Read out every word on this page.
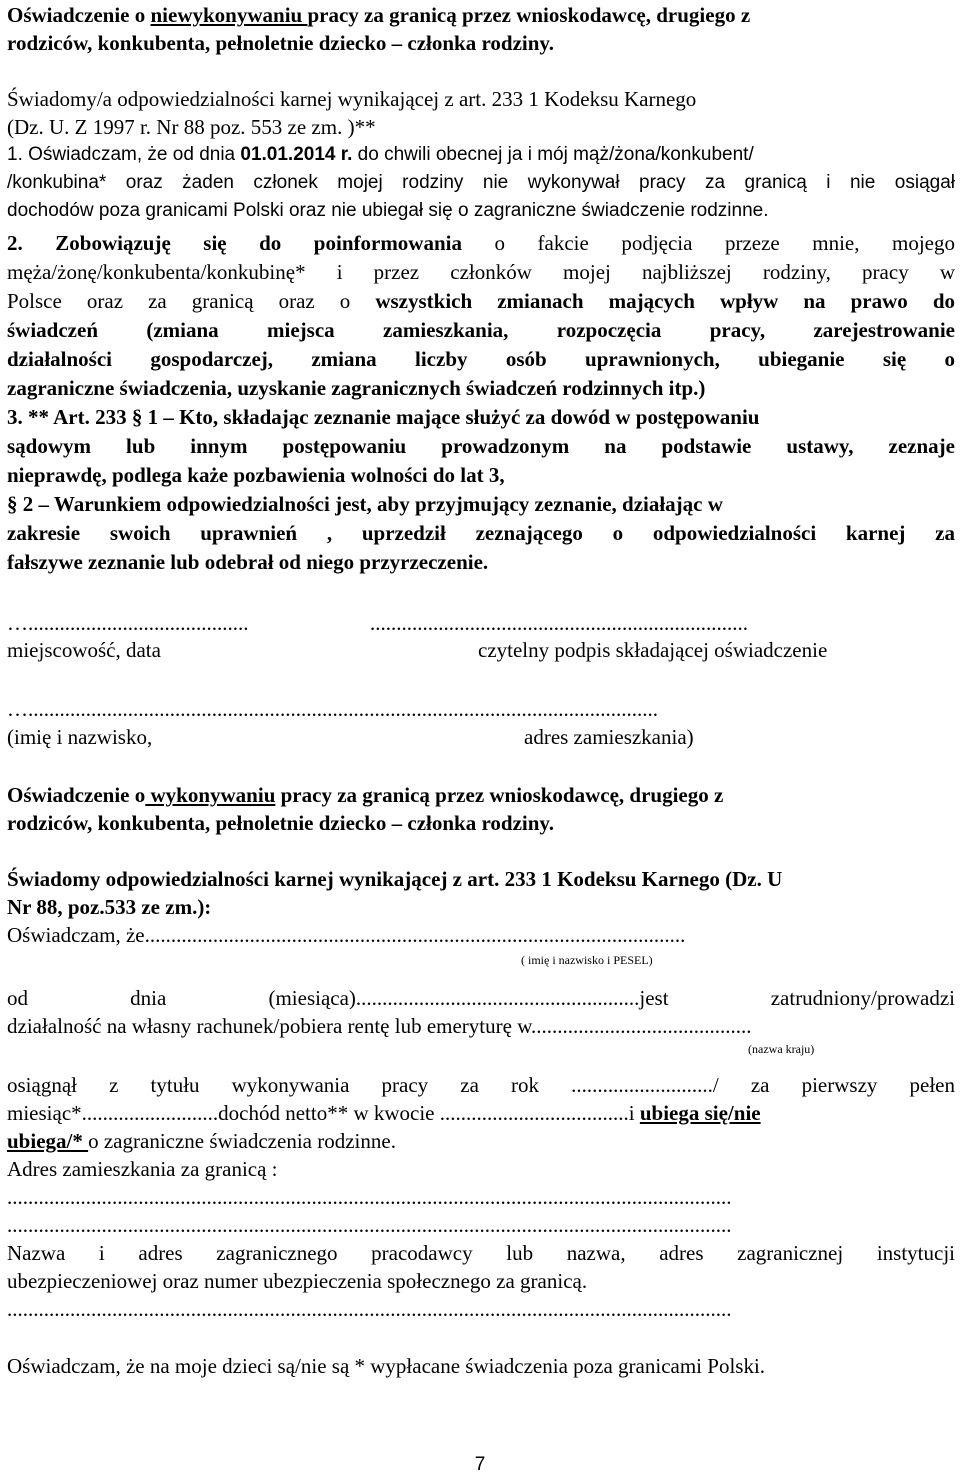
Oświadczenie o niewykonywaniu pracy za granicą przez wnioskodawcę, drugiego z
rodziców, konkubenta, pełnoletnie dziecko – członka rodziny.
Świadomy/a odpowiedzialności karnej wynikającej z art. 233 1 Kodeksu Karnego
(Dz. U. Z 1997 r. Nr 88 poz. 553 ze zm. )**
1. Oświadczam, że od dnia 01.01.2014 r. do chwili obecnej ja i mój mąż/żona/konkubent/
/konkubina* oraz żaden członek mojej rodziny nie wykonywał pracy za granicą i nie osiągał
dochodów poza granicami Polski oraz nie ubiegał się o zagraniczne świadczenie rodzinne.
2. Zobowiązuję się do poinformowania o fakcie podjęcia przeze mnie, mojego
męża/żonę/konkubenta/konkubinę* i przez członków mojej najbliższej rodziny, pracy w
Polsce oraz za granicą oraz o wszystkich zmianach mających wpływ na prawo do
świadczeń (zmiana miejsca zamieszkania, rozpoczęcia pracy, zarejestrowanie
działalności gospodarczej, zmiana liczby osób uprawnionych, ubieganie się o
zagraniczne świadczenia, uzyskanie zagranicznych świadczeń rodzinnych itp.)
3. ** Art. 233 § 1 – Kto, składając zeznanie mające służyć za dowód w postępowaniu
sądowym lub innym postępowaniu prowadzonym na podstawie ustawy, zeznaje
nieprawdę, podlega każe pozbawienia wolności do lat 3,
§ 2 – Warunkiem odpowiedzialności jest, aby przyjmujący zeznanie, działając w
zakresie swoich uprawnień , uprzedził zeznającego o odpowiedzialności karnej za
fałszywe zeznanie lub odebrał od niego przyrzeczenie.
…..........................................	........................................................................
miejscowość, data	czytelny podpis składającej oświadczenie
…........................................................................................................................
(imię i nazwisko,	adres zamieszkania)
Oświadczenie o wykonywaniu pracy za granicą przez wnioskodawcę, drugiego z
rodziców, konkubenta, pełnoletnie dziecko – członka rodziny.
Świadomy odpowiedzialności karnej wynikającej z art. 233 1 Kodeksu Karnego (Dz. U
Nr 88, poz.533 ze zm.):
Oświadczam, że.......................................................................................................
( imię i nazwisko i PESEL)
od dnia (miesiąca)......................................................jest zatrudniony/prowadzi
działalność na własny rachunek/pobiera rentę lub emeryturę w..........................................
(nazwa kraju)
osiągnął z tytułu wykonywania pracy za rok .........................../ za pierwszy pełen
miesiąc*..........................dochód netto** w kwocie ....................................i ubiega się/nie
ubiega/* o zagraniczne świadczenia rodzinne.
Adres zamieszkania za granicą :
..........................................................................................................................................
..........................................................................................................................................
Nazwa i adres zagranicznego pracodawcy lub nazwa, adres zagranicznej instytucji
ubezpieczeniowej oraz numer ubezpieczenia społecznego za granicą.
..........................................................................................................................................
Oświadczam, że na moje dzieci są/nie są * wypłacane świadczenia poza granicami Polski.
7
